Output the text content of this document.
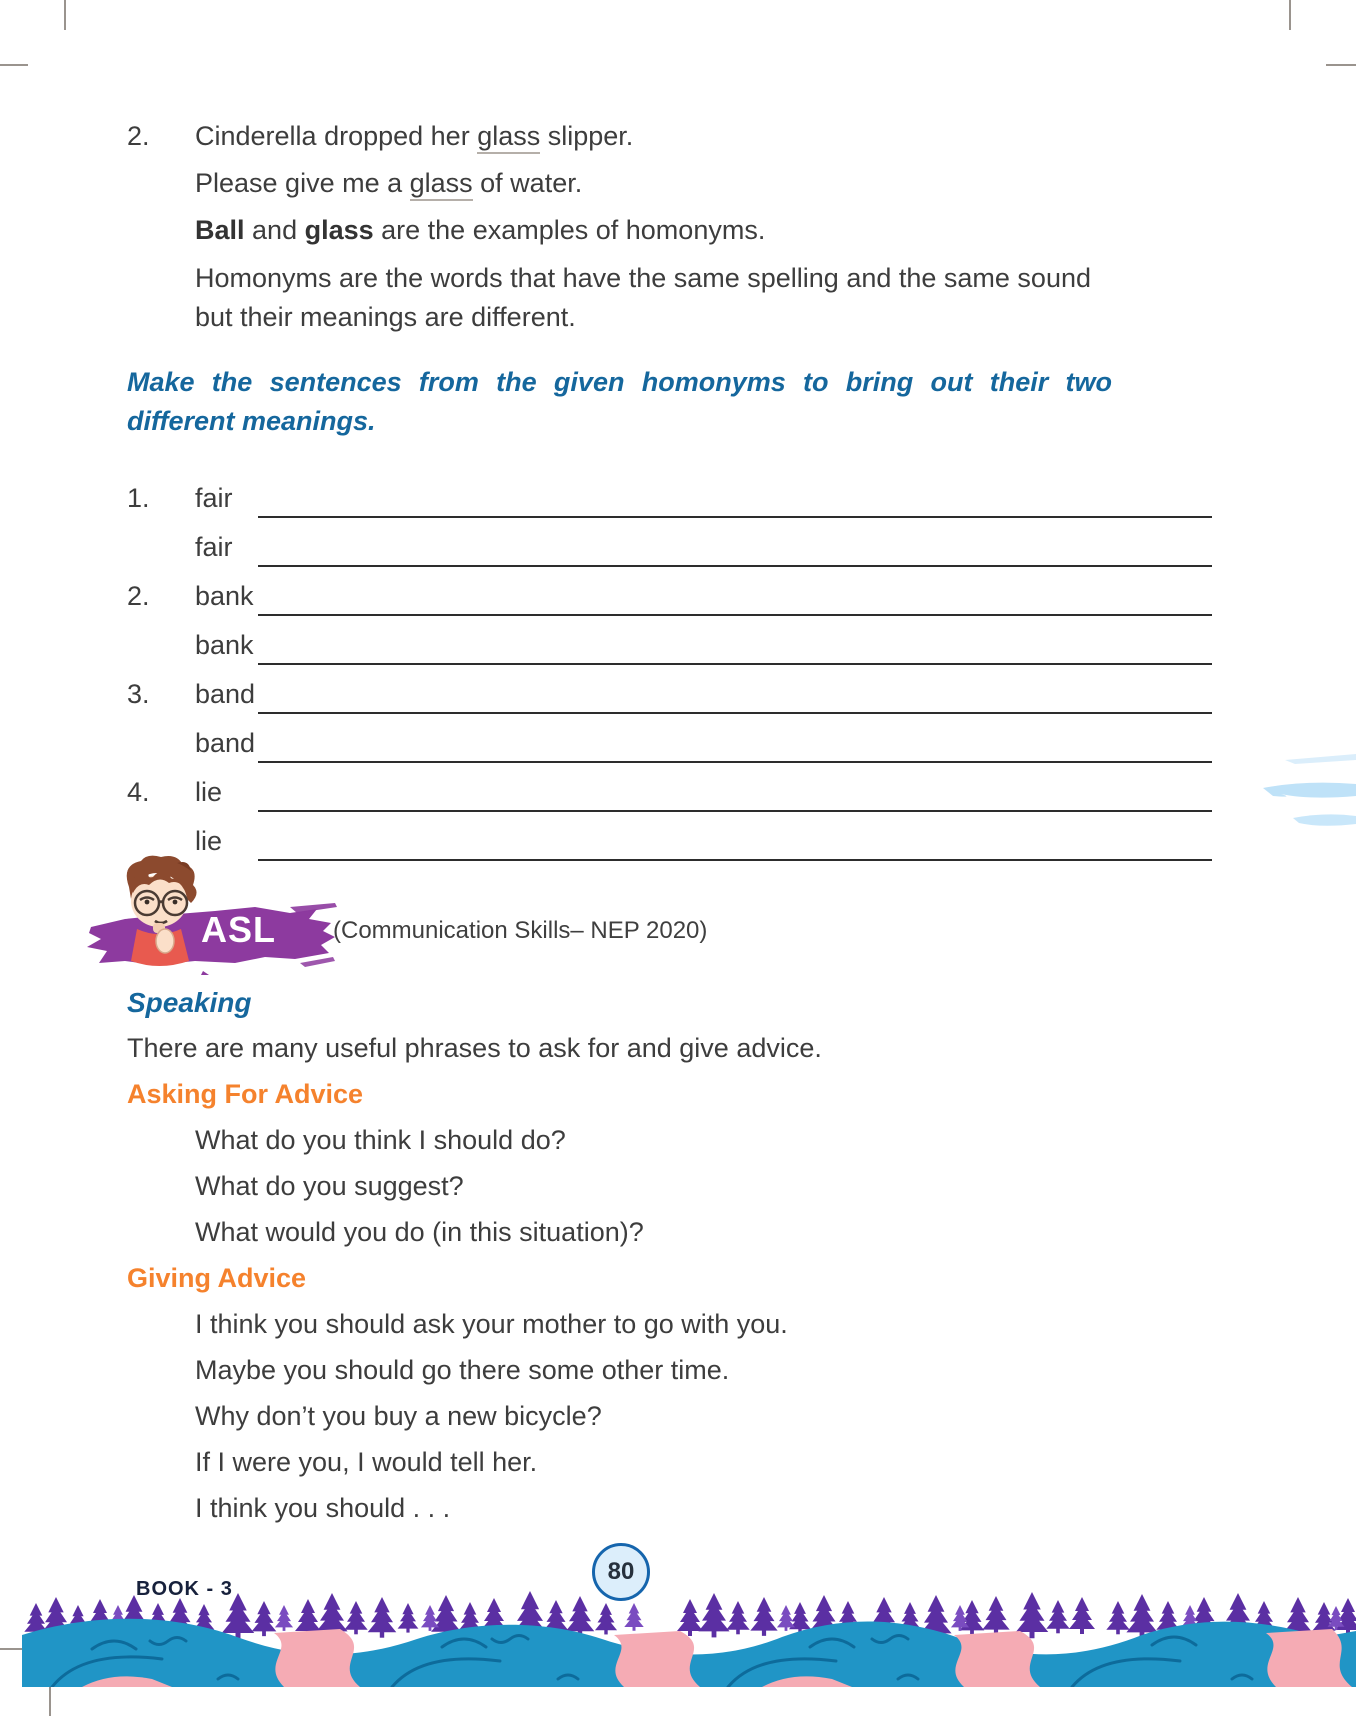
2.	Cinderella dropped her glass slipper.

Please give me a glass of water.

Ball and glass are the examples of homonyms.

Homonyms are the words that have the same spelling and the same sound but their meanings are different.

Make the sentences from the given homonyms to bring out their two different meanings.

1.	fair
fair
2.	bank
bank
3.	band
band
4.	lie
lie
ASL (Communication Skills– NEP 2020)
Speaking

There are many useful phrases to ask for and give advice.

Asking For Advice

What do you think I should do?

What do you suggest?

What would you do (in this situation)?

Giving Advice

I think you should ask your mother to go with you.

Maybe you should go there some other time.

Why don’t you buy a new bicycle?

If I were you, I would tell her.

I think you should . . .

BOOK - 3
80
